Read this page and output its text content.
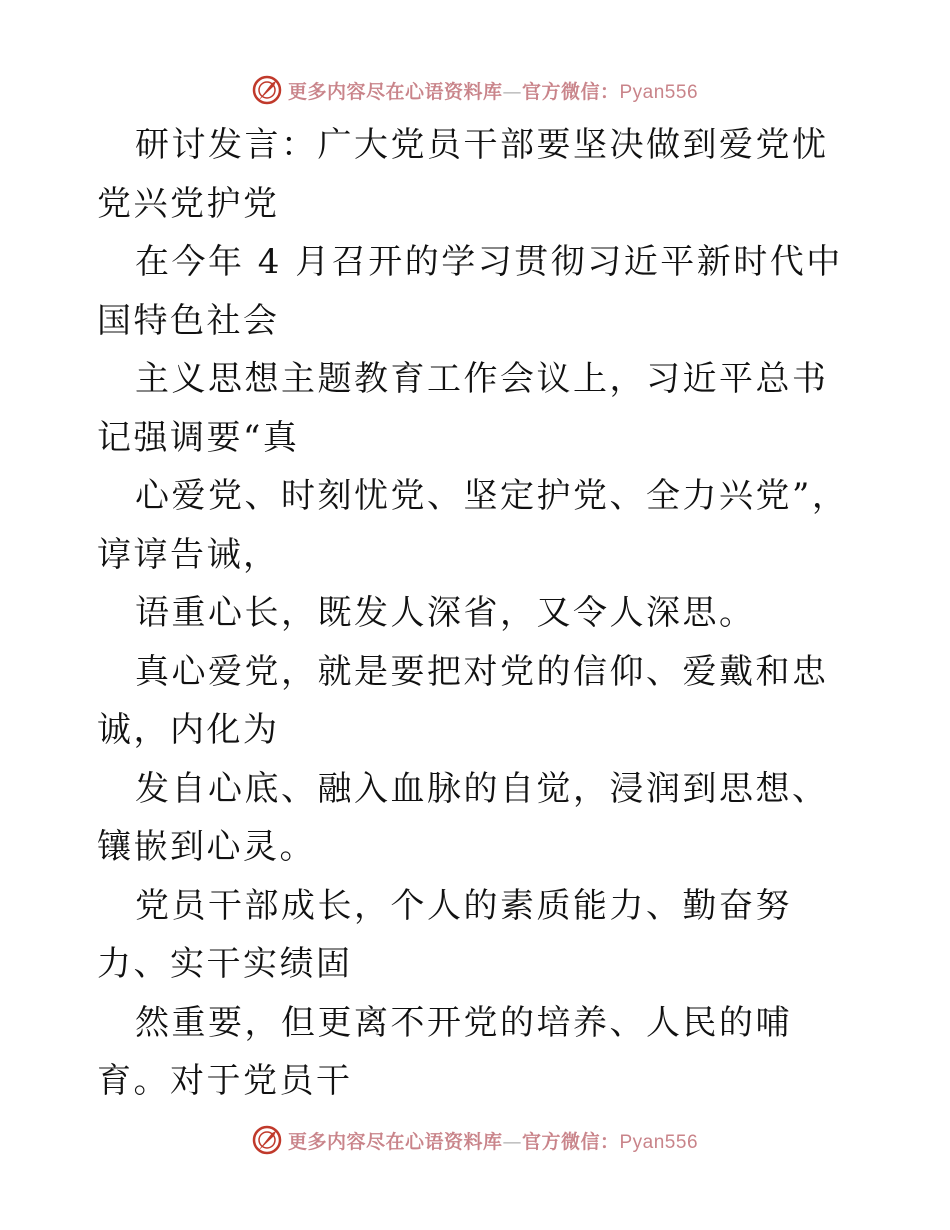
更多内容尽在心语资料库—官方微信：Pyan556

研讨发言：广大党员干部要坚决做到爱党忧党兴党护党

在今年 4 月召开的学习贯彻习近平新时代中国特色社会

主义思想主题教育工作会议上，习近平总书记强调要“真

心爱党、时刻忧党、坚定护党、全力兴党”，谆谆告诫，

语重心长，既发人深省，又令人深思。

真心爱党，就是要把对党的信仰、爱戴和忠诚，内化为

发自心底、融入血脉的自觉，浸润到思想、镶嵌到心灵。

党员干部成长，个人的素质能力、勤奋努力、实干实绩固

然重要，但更离不开党的培养、人民的哺育。对于党员干

更多内容尽在心语资料库—官方微信：Pyan556
